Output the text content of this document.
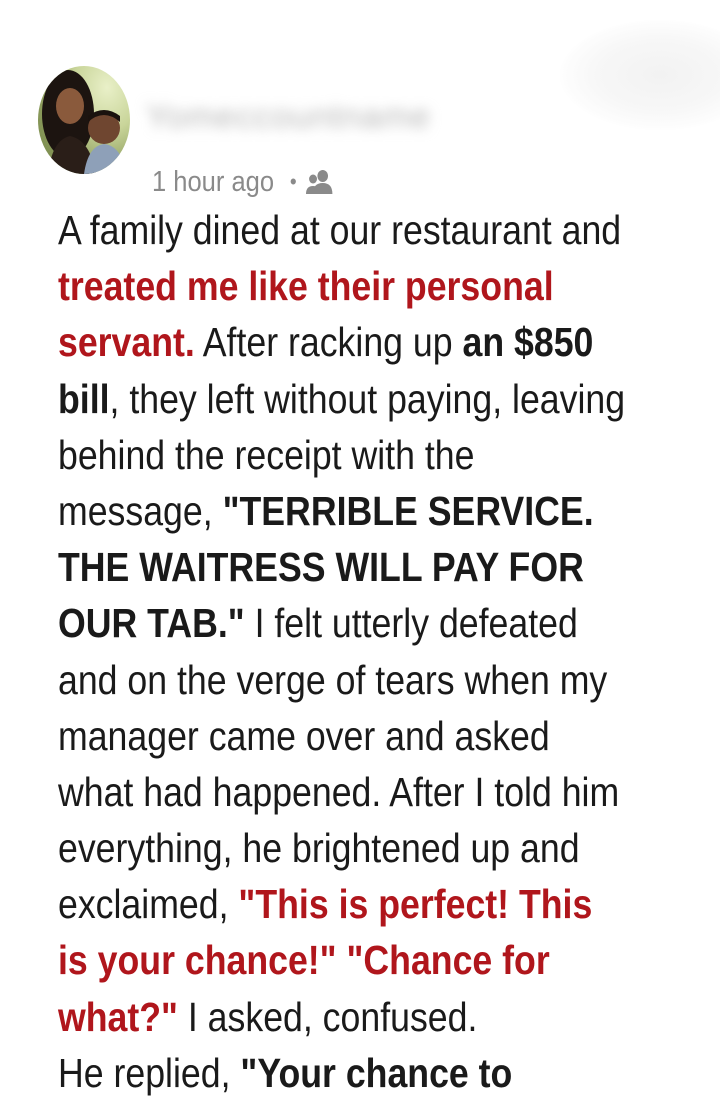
Yomeccountname
1 hour ago •
A family dined at our restaurant and
treated me like their personal
servant. After racking up an $850
bill, they left without paying, leaving
behind the receipt with the
message, "TERRIBLE SERVICE.
THE WAITRESS WILL PAY FOR
OUR TAB." I felt utterly defeated
and on the verge of tears when my
manager came over and asked
what had happened. After I told him
everything, he brightened up and
exclaimed, "This is perfect! This
is your chance!" "Chance for
what?" I asked, confused.
He replied, "Your chance to
